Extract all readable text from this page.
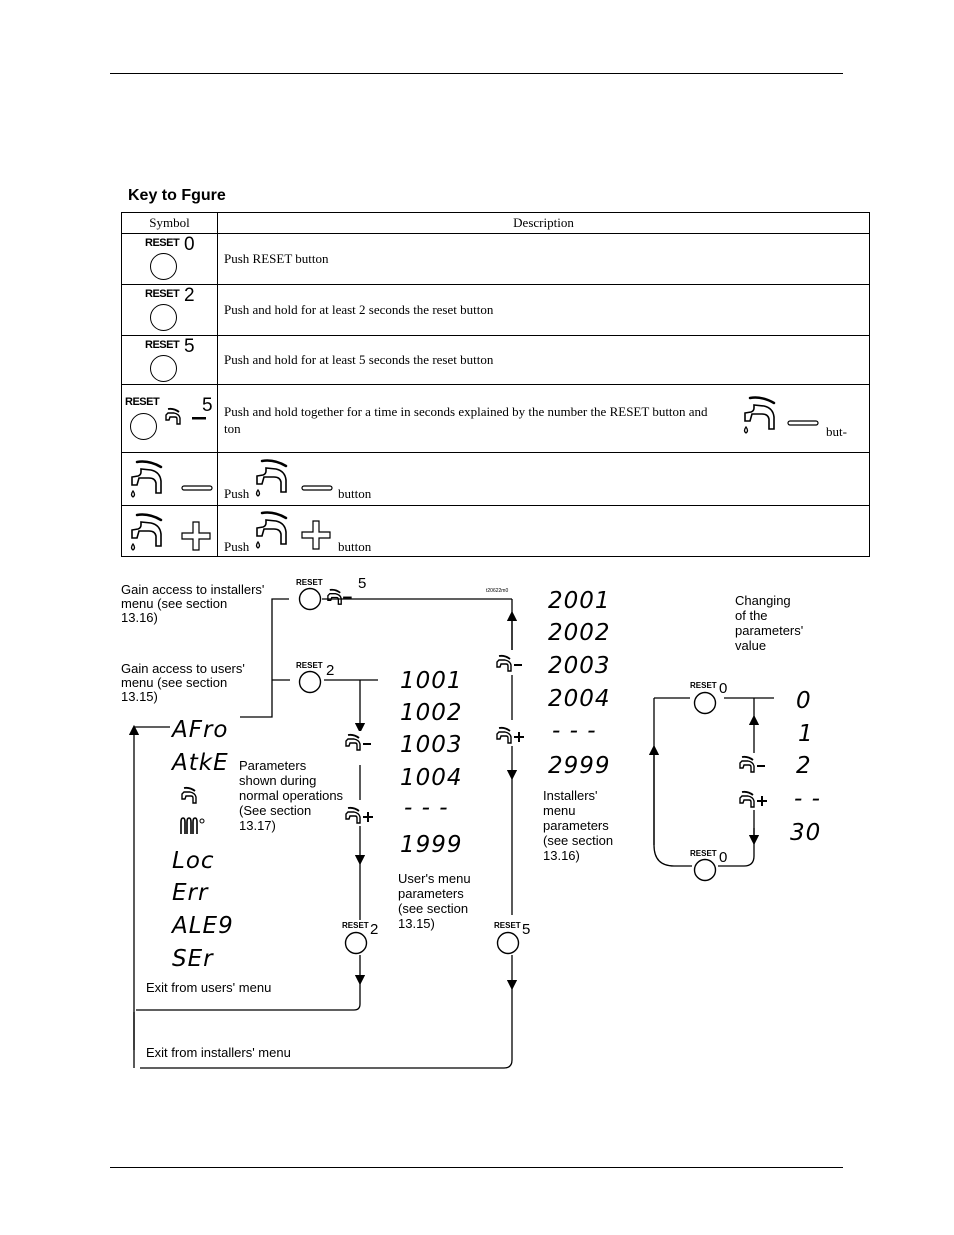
Key to Fgure
Symbol	Description

RESET 0	Push RESET button

RESET 2	Push and hold for at least 2 seconds the reset button

RESET 5	Push and hold for at least 5 seconds the reset button

RESET 5	Push and hold together for a time in seconds explained by the number the RESET button and
but-
ton

Push button

Push button
RESET 5	t20622m0
RESET 2
RESET 2	RESET 5
RESET 0
RESET 0
Gain access to installers'
menu (see section
13.16)
Gain access to users'
menu (see section
13.15)
AFro
AtkE
Loc
Err
ALE9
SEr
Parameters
shown during
normal operations
(See section
13.17)
1001
1002
1003
1004
- - -
1999
User's menu
parameters
(see section
13.15)
2001
2002
2003
2004
- - -
2999
Installers'
menu
parameters
(see section
13.16)
Changing
of the
parameters'
value
0
1
2
- -
30
Exit from users' menu
Exit from installers' menu
